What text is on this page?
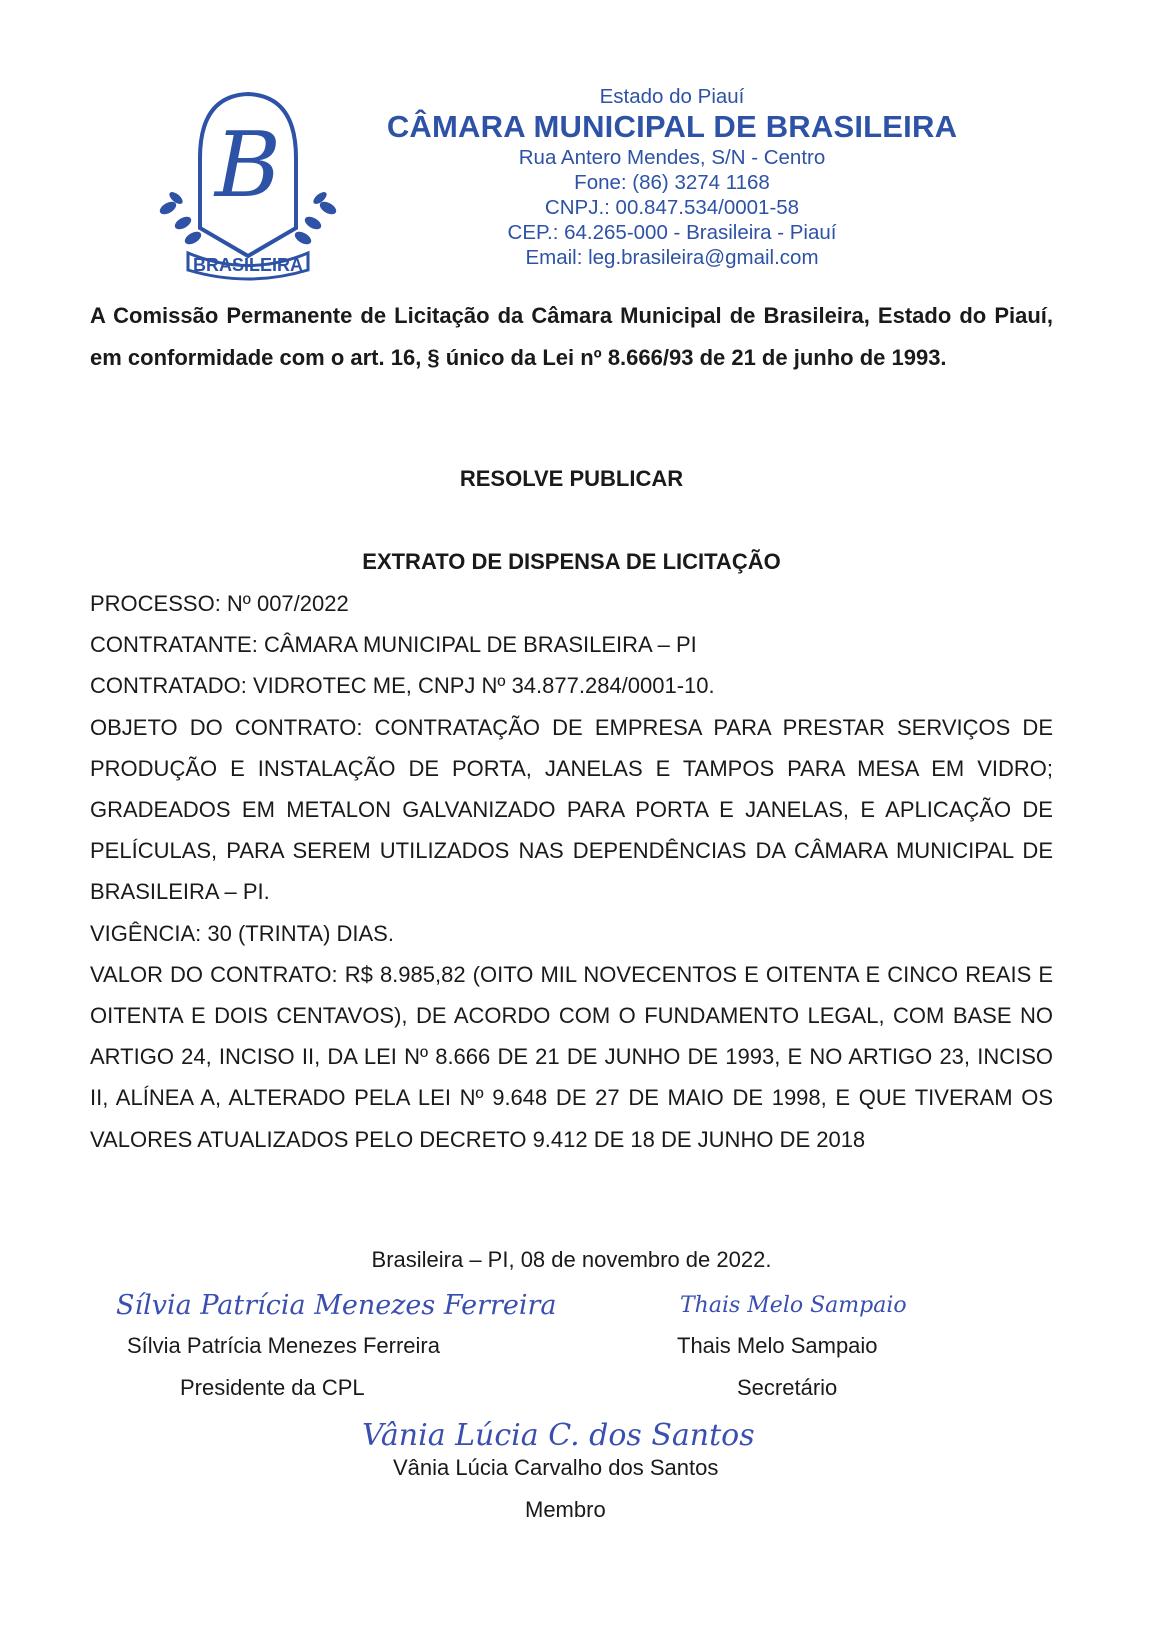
B
BRASILEIRA
Estado do Piauí
CÂMARA MUNICIPAL DE BRASILEIRA
Rua Antero Mendes, S/N - Centro
Fone: (86) 3274 1168
CNPJ.: 00.847.534/0001-58
CEP.: 64.265-000 - Brasileira - Piauí
Email: leg.brasileira@gmail.com
A Comissão Permanente de Licitação da Câmara Municipal de Brasileira, Estado do Piauí, em conformidade com o art. 16, § único da Lei nº 8.666/93 de 21 de junho de 1993.
RESOLVE PUBLICAR
EXTRATO DE DISPENSA DE LICITAÇÃO
PROCESSO: Nº 007/2022
CONTRATANTE: CÂMARA MUNICIPAL DE BRASILEIRA – PI
CONTRATADO: VIDROTEC ME, CNPJ Nº 34.877.284/0001-10.
OBJETO DO CONTRATO: CONTRATAÇÃO DE EMPRESA PARA PRESTAR SERVIÇOS DE PRODUÇÃO E INSTALAÇÃO DE PORTA, JANELAS E TAMPOS PARA MESA EM VIDRO; GRADEADOS EM METALON GALVANIZADO PARA PORTA E JANELAS, E APLICAÇÃO DE PELÍCULAS, PARA SEREM UTILIZADOS NAS DEPENDÊNCIAS DA CÂMARA MUNICIPAL DE BRASILEIRA – PI.
VIGÊNCIA: 30 (TRINTA) DIAS.
VALOR DO CONTRATO: R$ 8.985,82 (OITO MIL NOVECENTOS E OITENTA E CINCO REAIS E OITENTA E DOIS CENTAVOS), DE ACORDO COM O FUNDAMENTO LEGAL, COM BASE NO ARTIGO 24, INCISO II, DA LEI Nº 8.666 DE 21 DE JUNHO DE 1993, E NO ARTIGO 23, INCISO II, ALÍNEA A, ALTERADO PELA LEI Nº 9.648 DE 27 DE MAIO DE 1998, E QUE TIVERAM OS VALORES ATUALIZADOS PELO DECRETO 9.412 DE 18 DE JUNHO DE 2018
Brasileira – PI, 08 de novembro de 2022.
Sílvia Patrícia Menezes Ferreira
Sílvia Patrícia Menezes Ferreira
Presidente da CPL
Thais Melo Sampaio
Thais Melo Sampaio
Secretário
Vânia Lúcia C. dos Santos
Vânia Lúcia Carvalho dos Santos
Membro
